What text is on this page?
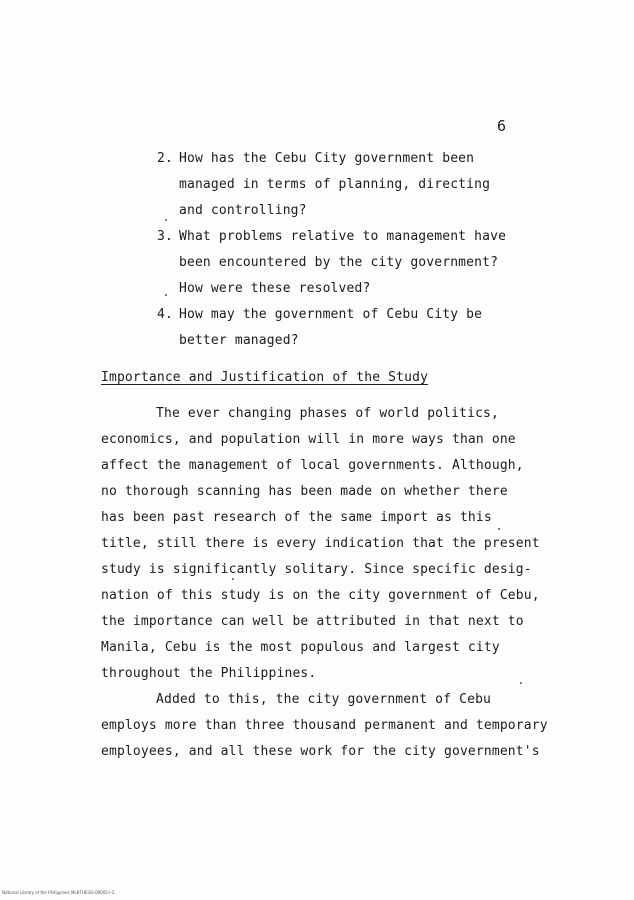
6
2. How has the Cebu City government been
managed in terms of planning, directing
and controlling?
3. What problems relative to management have
been encountered by the city government?
How were these resolved?
4. How may the government of Cebu City be
better managed?
Importance and Justification of the Study
The ever changing phases of world politics,
economics, and population will in more ways than one
affect the management of local governments. Although,
no thorough scanning has been made on whether there
has been past research of the same import as this
title, still there is every indication that the present
study is significantly solitary. Since specific desig-
nation of this study is on the city government of Cebu,
the importance can well be attributed in that next to
Manila, Cebu is the most populous and largest city
throughout the Philippines.
Added to this, the city government of Cebu
employs more than three thousand permanent and temporary
employees, and all these work for the city government's
National Library of the Philippines MLBTHESIS-00005-I-2
